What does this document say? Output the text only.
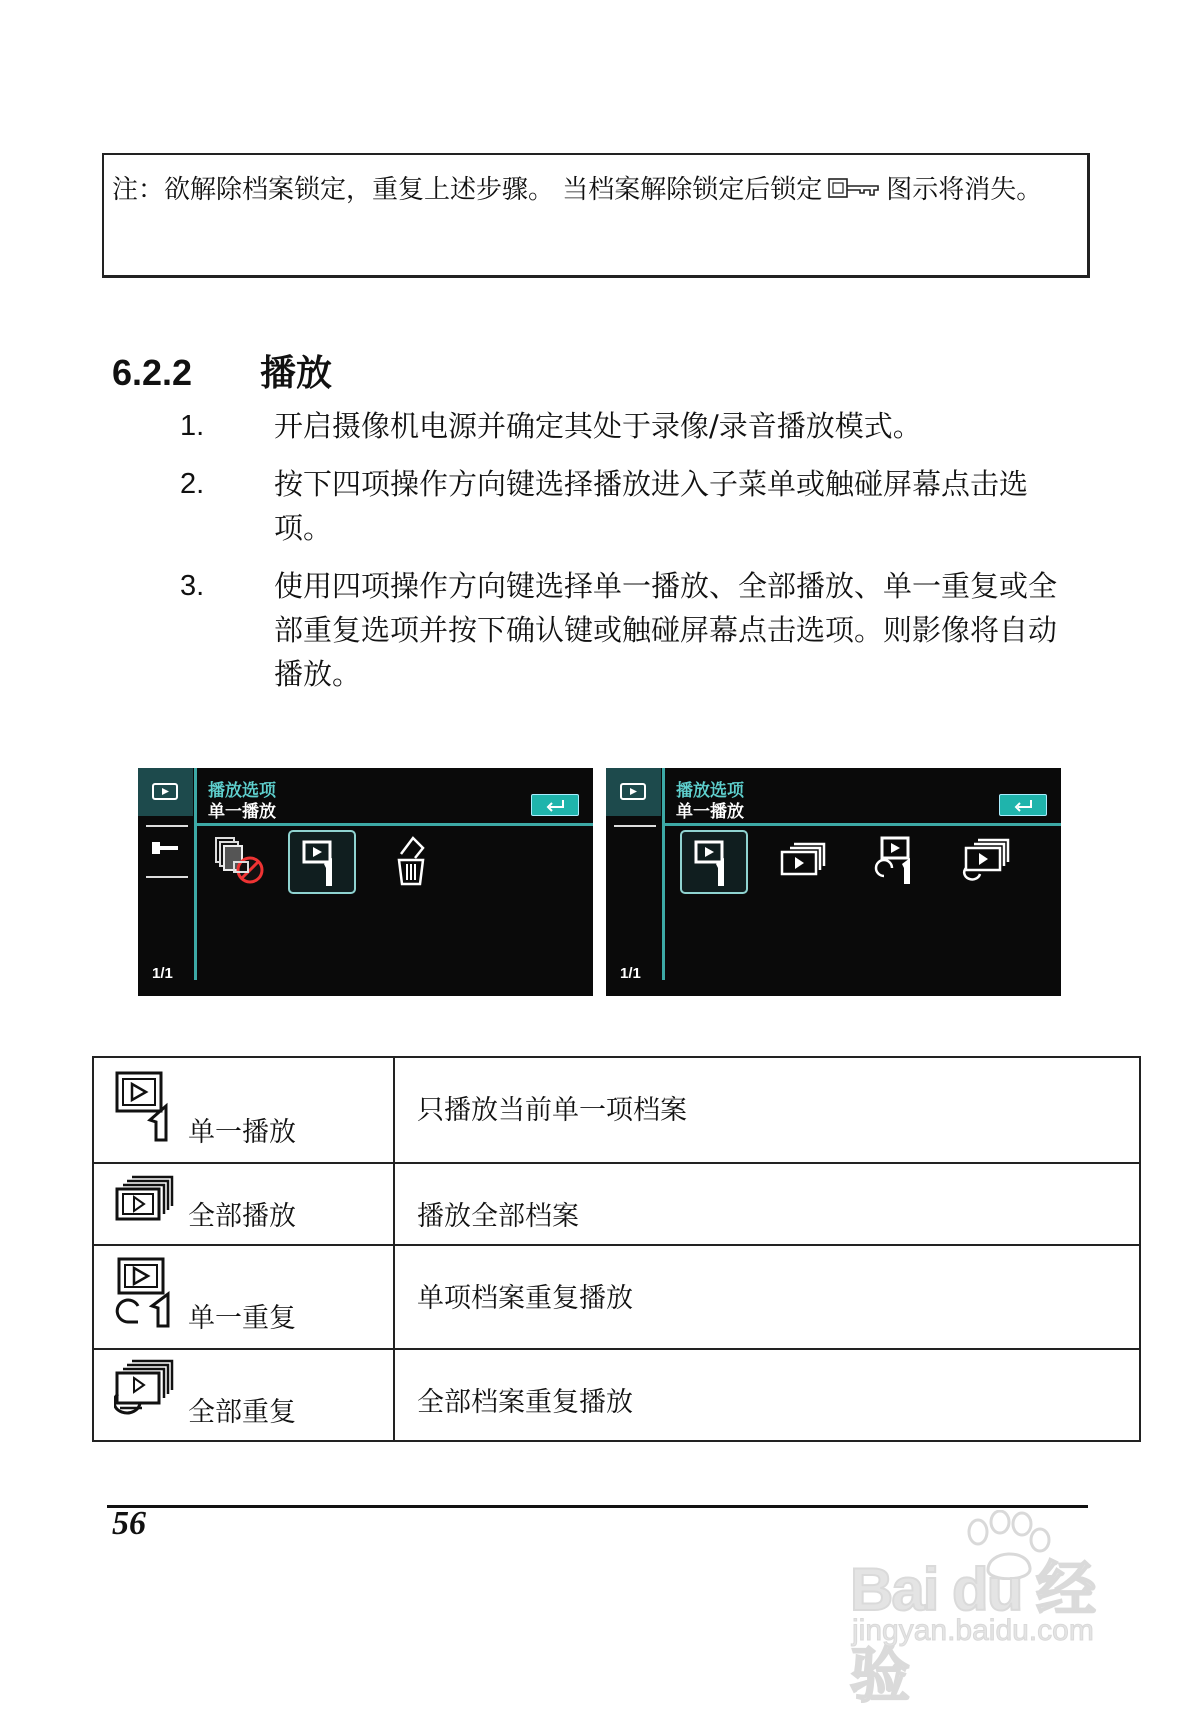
注：欲解除档案锁定，重复上述步骤。 当档案解除锁定后锁定 图示将消失。
6.2.2 播放
1.	开启摄像机电源并确定其处于录像/录音播放模式。
2.	按下四项操作方向键选择播放进入子菜单或触碰屏幕点击选项。
3.	使用四项操作方向键选择单一播放、全部播放、单一重复或全部重复选项并按下确认键或触碰屏幕点击选项。则影像将自动播放。
播放选项
单一播放
1/1
播放选项
单一播放
1/1
单一播放	只播放当前单一项档案

全部播放	播放全部档案

单一重复	单项档案重复播放

全部重复	全部档案重复播放
56
Bai du 经验
jingyan.baidu.com
